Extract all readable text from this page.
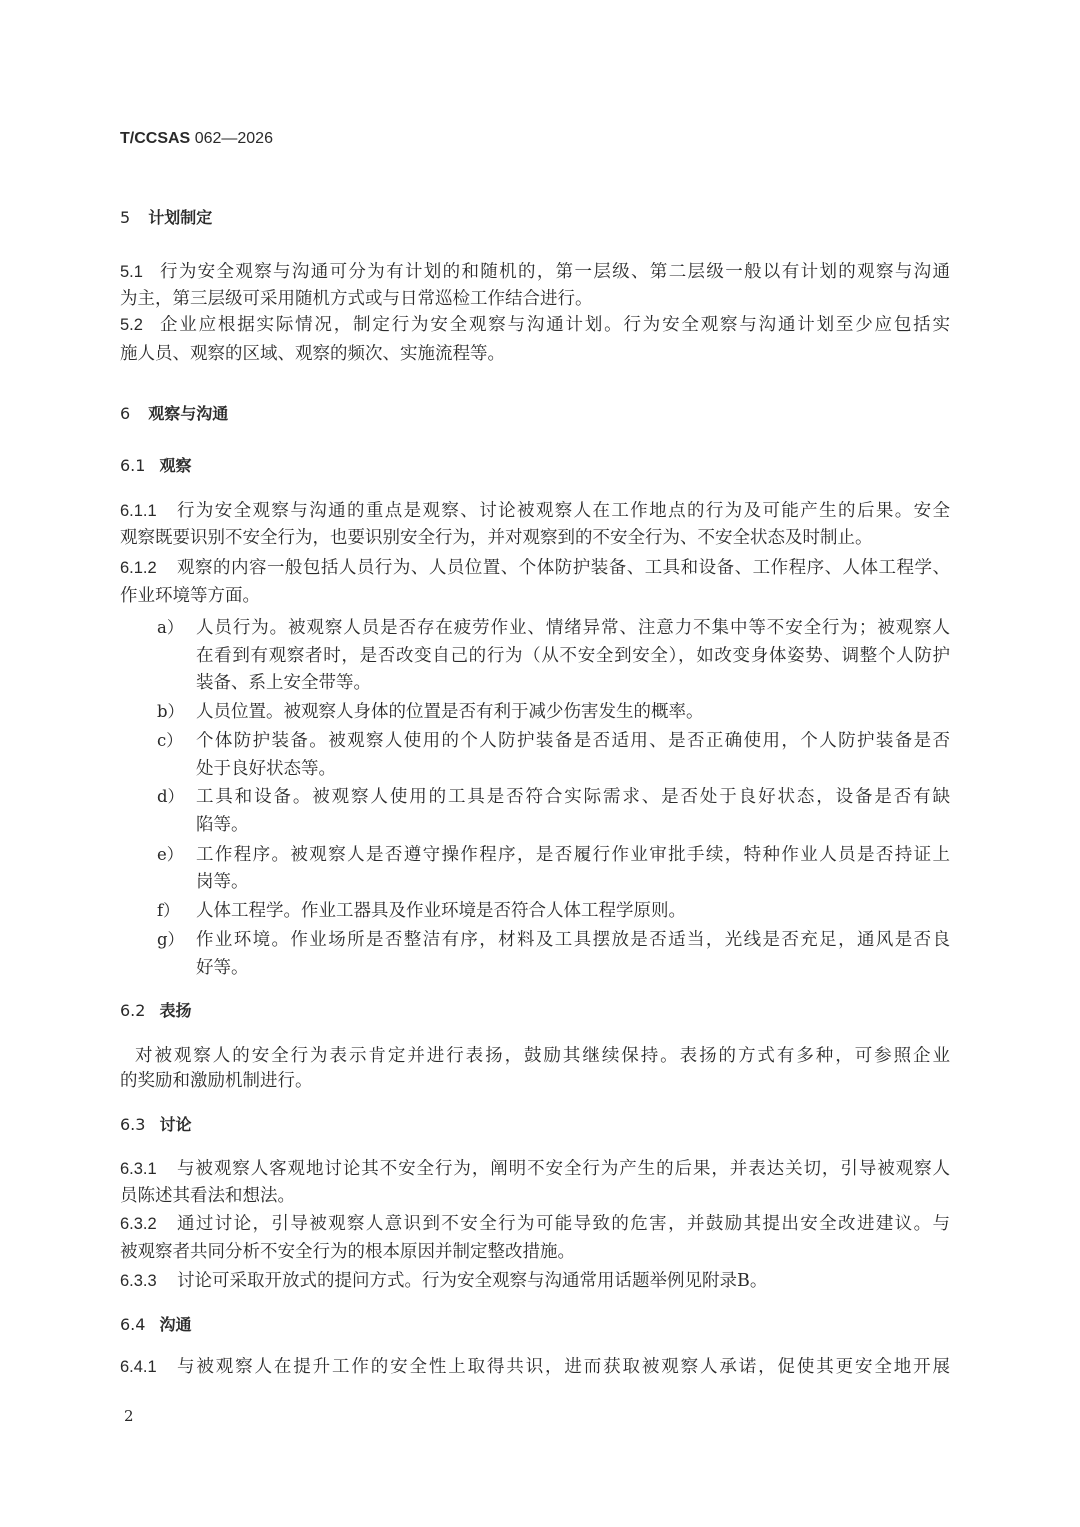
T/CCSAS 062—2026
5 计划制定
5.1 行为安全观察与沟通可分为有计划的和随机的，第一层级、第二层级一般以有计划的观察与沟通
为主，第三层级可采用随机方式或与日常巡检工作结合进行。
5.2 企业应根据实际情况，制定行为安全观察与沟通计划。行为安全观察与沟通计划至少应包括实
施人员、观察的区域、观察的频次、实施流程等。
6 观察与沟通
6.1 观察
6.1.1 行为安全观察与沟通的重点是观察、讨论被观察人在工作地点的行为及可能产生的后果。安全
观察既要识别不安全行为，也要识别安全行为，并对观察到的不安全行为、不安全状态及时制止。
6.1.2 观察的内容一般包括人员行为、人员位置、个体防护装备、工具和设备、工作程序、人体工程学、
作业环境等方面。
a） 人员行为。被观察人员是否存在疲劳作业、情绪异常、注意力不集中等不安全行为；被观察人
在看到有观察者时，是否改变自己的行为（从不安全到安全），如改变身体姿势、调整个人防护
装备、系上安全带等。
b） 人员位置。被观察人身体的位置是否有利于减少伤害发生的概率。
c） 个体防护装备。被观察人使用的个人防护装备是否适用、是否正确使用，个人防护装备是否
处于良好状态等。
d） 工具和设备。被观察人使用的工具是否符合实际需求、是否处于良好状态，设备是否有缺
陷等。
e） 工作程序。被观察人是否遵守操作程序，是否履行作业审批手续，特种作业人员是否持证上
岗等。
f） 人体工程学。作业工器具及作业环境是否符合人体工程学原则。
g） 作业环境。作业场所是否整洁有序，材料及工具摆放是否适当，光线是否充足，通风是否良
好等。
6.2 表扬
对被观察人的安全行为表示肯定并进行表扬，鼓励其继续保持。表扬的方式有多种，可参照企业
的奖励和激励机制进行。
6.3 讨论
6.3.1 与被观察人客观地讨论其不安全行为，阐明不安全行为产生的后果，并表达关切，引导被观察人
员陈述其看法和想法。
6.3.2 通过讨论，引导被观察人意识到不安全行为可能导致的危害，并鼓励其提出安全改进建议。与
被观察者共同分析不安全行为的根本原因并制定整改措施。
6.3.3 讨论可采取开放式的提问方式。行为安全观察与沟通常用话题举例见附录B。
6.4 沟通
6.4.1 与被观察人在提升工作的安全性上取得共识，进而获取被观察人承诺，促使其更安全地开展
2
